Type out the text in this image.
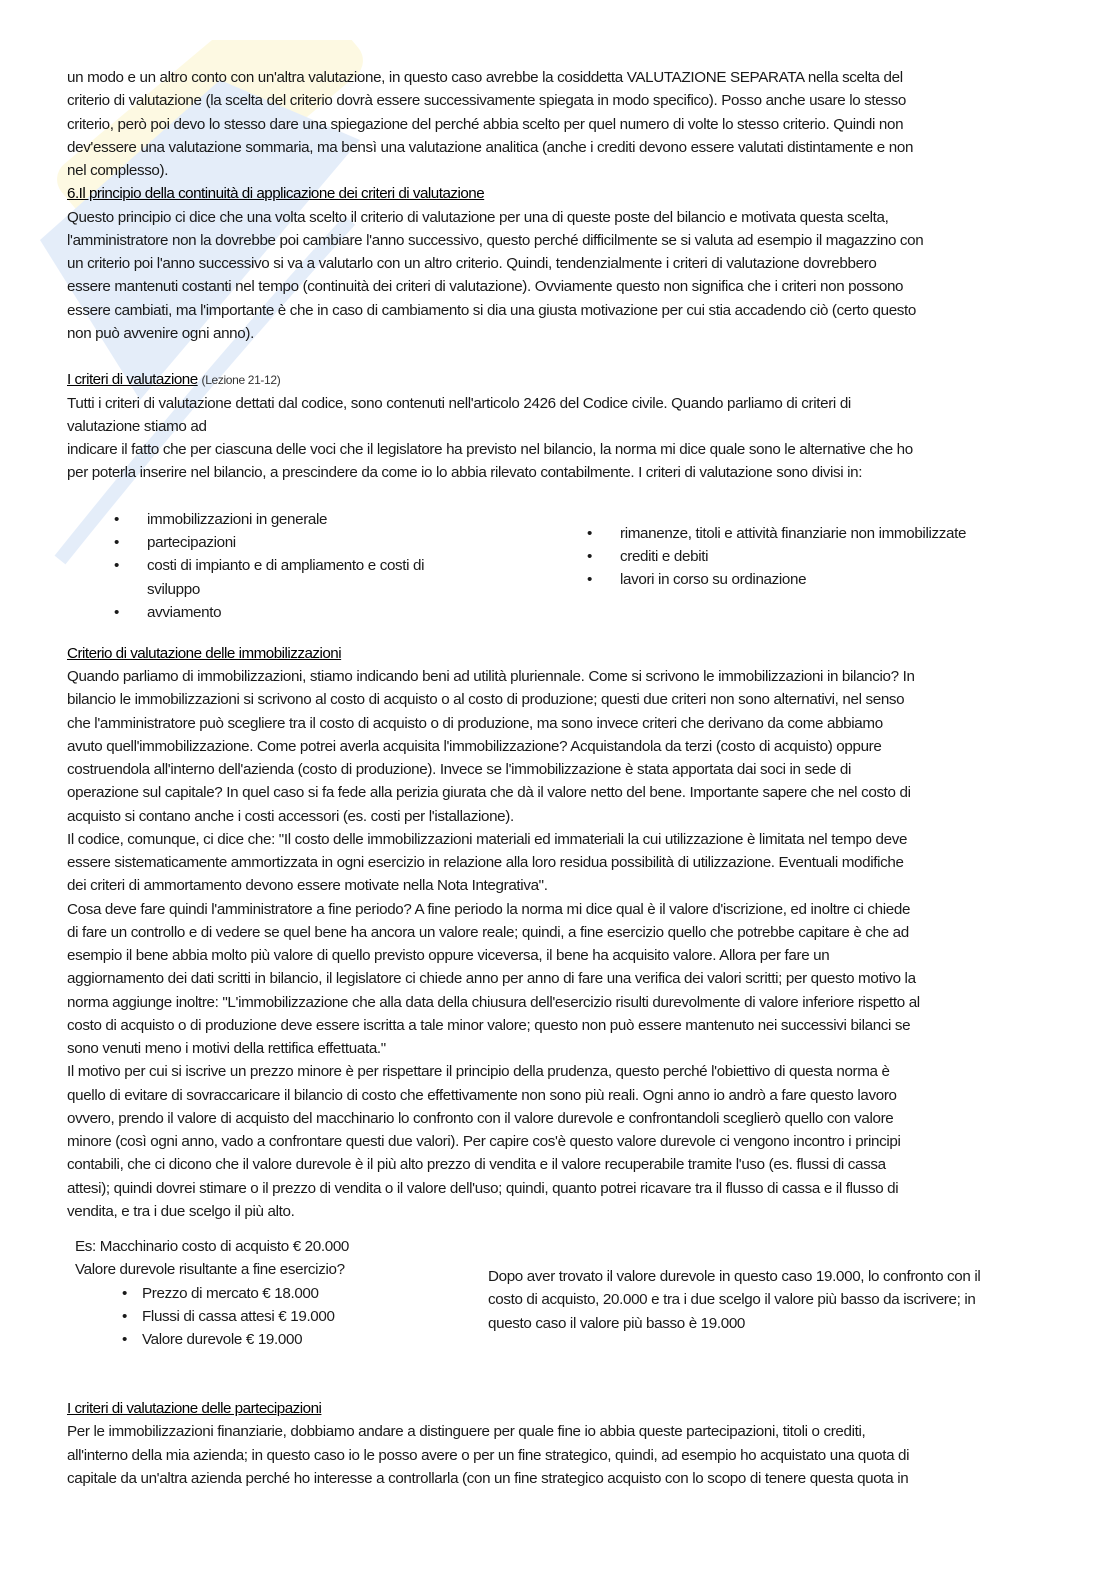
un modo e un altro conto con un'altra valutazione, in questo caso avrebbe la cosiddetta VALUTAZIONE SEPARATA nella scelta del
criterio di valutazione (la scelta del criterio dovrà essere successivamente spiegata in modo specifico). Posso anche usare lo stesso
criterio, però poi devo lo stesso dare una spiegazione del perché abbia scelto per quel numero di volte lo stesso criterio. Quindi non
dev'essere una valutazione sommaria, ma bensì una valutazione analitica (anche i crediti devono essere valutati distintamente e non
nel complesso).
6.Il principio della continuità di applicazione dei criteri di valutazione
Questo principio ci dice che una volta scelto il criterio di valutazione per una di queste poste del bilancio e motivata questa scelta,
l'amministratore non la dovrebbe poi cambiare l'anno successivo, questo perché difficilmente se si valuta ad esempio il magazzino con
un criterio poi l'anno successivo si va a valutarlo con un altro criterio. Quindi, tendenzialmente i criteri di valutazione dovrebbero
essere mantenuti costanti nel tempo (continuità dei criteri di valutazione). Ovviamente questo non significa che i criteri non possono
essere cambiati, ma l'importante è che in caso di cambiamento si dia una giusta motivazione per cui stia accadendo ciò (certo questo
non può avvenire ogni anno).
I criteri di valutazione (Lezione 21-12)
Tutti i criteri di valutazione dettati dal codice, sono contenuti nell'articolo 2426 del Codice civile. Quando parliamo di criteri di
valutazione stiamo ad
indicare il fatto che per ciascuna delle voci che il legislatore ha previsto nel bilancio, la norma mi dice quale sono le alternative che ho
per poterla inserire nel bilancio, a prescindere da come io lo abbia rilevato contabilmente. I criteri di valutazione sono divisi in:
• immobilizzazioni in generale
• partecipazioni
• costi di impianto e di ampliamento e costi di
sviluppo
• avviamento
• rimanenze, titoli e attività finanziarie non immobilizzate
• crediti e debiti
• lavori in corso su ordinazione
Criterio di valutazione delle immobilizzazioni
Quando parliamo di immobilizzazioni, stiamo indicando beni ad utilità pluriennale. Come si scrivono le immobilizzazioni in bilancio? In
bilancio le immobilizzazioni si scrivono al costo di acquisto o al costo di produzione; questi due criteri non sono alternativi, nel senso
che l'amministratore può scegliere tra il costo di acquisto o di produzione, ma sono invece criteri che derivano da come abbiamo
avuto quell'immobilizzazione. Come potrei averla acquisita l'immobilizzazione? Acquistandola da terzi (costo di acquisto) oppure
costruendola all'interno dell'azienda (costo di produzione). Invece se l'immobilizzazione è stata apportata dai soci in sede di
operazione sul capitale? In quel caso si fa fede alla perizia giurata che dà il valore netto del bene. Importante sapere che nel costo di
acquisto si contano anche i costi accessori (es. costi per l'istallazione).
Il codice, comunque, ci dice che: "Il costo delle immobilizzazioni materiali ed immateriali la cui utilizzazione è limitata nel tempo deve
essere sistematicamente ammortizzata in ogni esercizio in relazione alla loro residua possibilità di utilizzazione. Eventuali modifiche
dei criteri di ammortamento devono essere motivate nella Nota Integrativa".
Cosa deve fare quindi l'amministratore a fine periodo? A fine periodo la norma mi dice qual è il valore d'iscrizione, ed inoltre ci chiede
di fare un controllo e di vedere se quel bene ha ancora un valore reale; quindi, a fine esercizio quello che potrebbe capitare è che ad
esempio il bene abbia molto più valore di quello previsto oppure viceversa, il bene ha acquisito valore. Allora per fare un
aggiornamento dei dati scritti in bilancio, il legislatore ci chiede anno per anno di fare una verifica dei valori scritti; per questo motivo la
norma aggiunge inoltre: "L'immobilizzazione che alla data della chiusura dell'esercizio risulti durevolmente di valore inferiore rispetto al
costo di acquisto o di produzione deve essere iscritta a tale minor valore; questo non può essere mantenuto nei successivi bilanci se
sono venuti meno i motivi della rettifica effettuata."
Il motivo per cui si iscrive un prezzo minore è per rispettare il principio della prudenza, questo perché l'obiettivo di questa norma è
quello di evitare di sovraccaricare il bilancio di costo che effettivamente non sono più reali. Ogni anno io andrò a fare questo lavoro
ovvero, prendo il valore di acquisto del macchinario lo confronto con il valore durevole e confrontandoli sceglierò quello con valore
minore (così ogni anno, vado a confrontare questi due valori). Per capire cos'è questo valore durevole ci vengono incontro i principi
contabili, che ci dicono che il valore durevole è il più alto prezzo di vendita e il valore recuperabile tramite l'uso (es. flussi di cassa
attesi); quindi dovrei stimare o il prezzo di vendita o il valore dell'uso; quindi, quanto potrei ricavare tra il flusso di cassa e il flusso di
vendita, e tra i due scelgo il più alto.
Es: Macchinario costo di acquisto € 20.000
Valore durevole risultante a fine esercizio?
• Prezzo di mercato € 18.000
• Flussi di cassa attesi € 19.000
• Valore durevole € 19.000
Dopo aver trovato il valore durevole in questo caso 19.000, lo confronto con il
costo di acquisto, 20.000 e tra i due scelgo il valore più basso da iscrivere; in
questo caso il valore più basso è 19.000
I criteri di valutazione delle partecipazioni
Per le immobilizzazioni finanziarie, dobbiamo andare a distinguere per quale fine io abbia queste partecipazioni, titoli o crediti,
all'interno della mia azienda; in questo caso io le posso avere o per un fine strategico, quindi, ad esempio ho acquistato una quota di
capitale da un'altra azienda perché ho interesse a controllarla (con un fine strategico acquisto con lo scopo di tenere questa quota in
